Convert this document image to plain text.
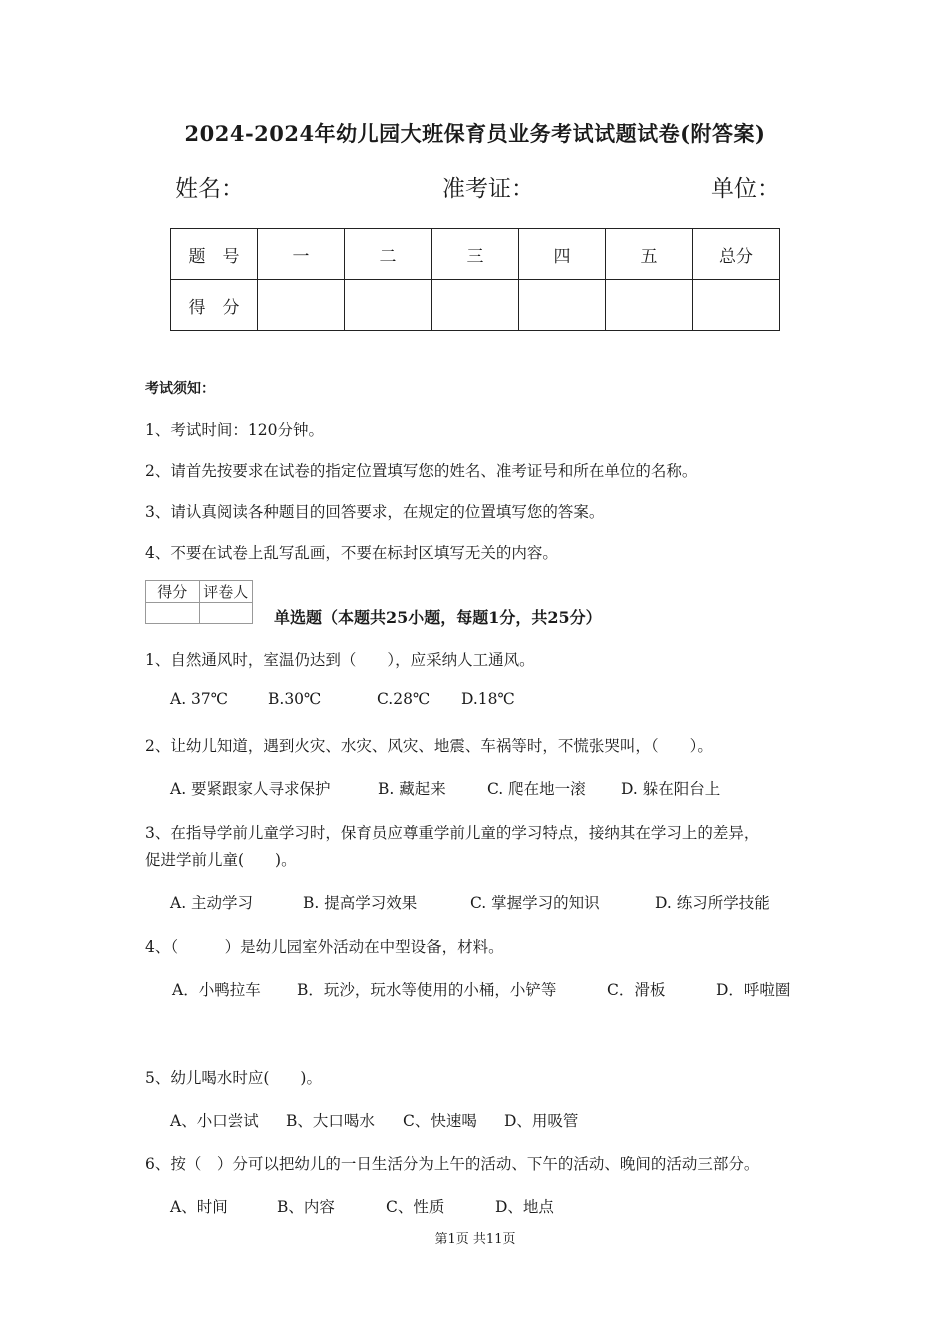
2024-2024年幼儿园大班保育员业务考试试题试卷(附答案)
姓名：	准考证：	单位：
题　号	一	二	三	四	五	总分
得　分						
考试须知：
1、考试时间：120分钟。
2、请首先按要求在试卷的指定位置填写您的姓名、准考证号和所在单位的名称。
3、请认真阅读各种题目的回答要求，在规定的位置填写您的答案。
4、不要在试卷上乱写乱画，不要在标封区填写无关的内容。
得分	评卷人

单选题（本题共25小题，每题1分，共25分）
1、自然通风时，室温仍达到（　　），应采纳人工通风。
A. 37℃	B.30℃	C.28℃ D.18℃
2、让幼儿知道，遇到火灾、水灾、风灾、地震、车祸等时，不慌张哭叫，（　　）。
A. 要紧跟家人寻求保护	B. 藏起来	C. 爬在地一滚 D. 躲在阳台上
3、在指导学前儿童学习时，保育员应尊重学前儿童的学习特点，接纳其在学习上的差异，
促进学前儿童(　　)。
A. 主动学习	B. 提高学习效果	C. 掌握学习的知识	D. 练习所学技能
4、（　　　）是幼儿园室外活动在中型设备，材料。
A．小鸭拉车 B．玩沙，玩水等使用的小桶，小铲等	C．滑板	D．呼啦圈
5、幼儿喝水时应(　　)。
A、小口尝试 B、大口喝水 C、快速喝 D、用吸管
6、按（　）分可以把幼儿的一日生活分为上午的活动、下午的活动、晚间的活动三部分。
A、时间	B、内容	C、性质	D、地点
第1页 共11页
